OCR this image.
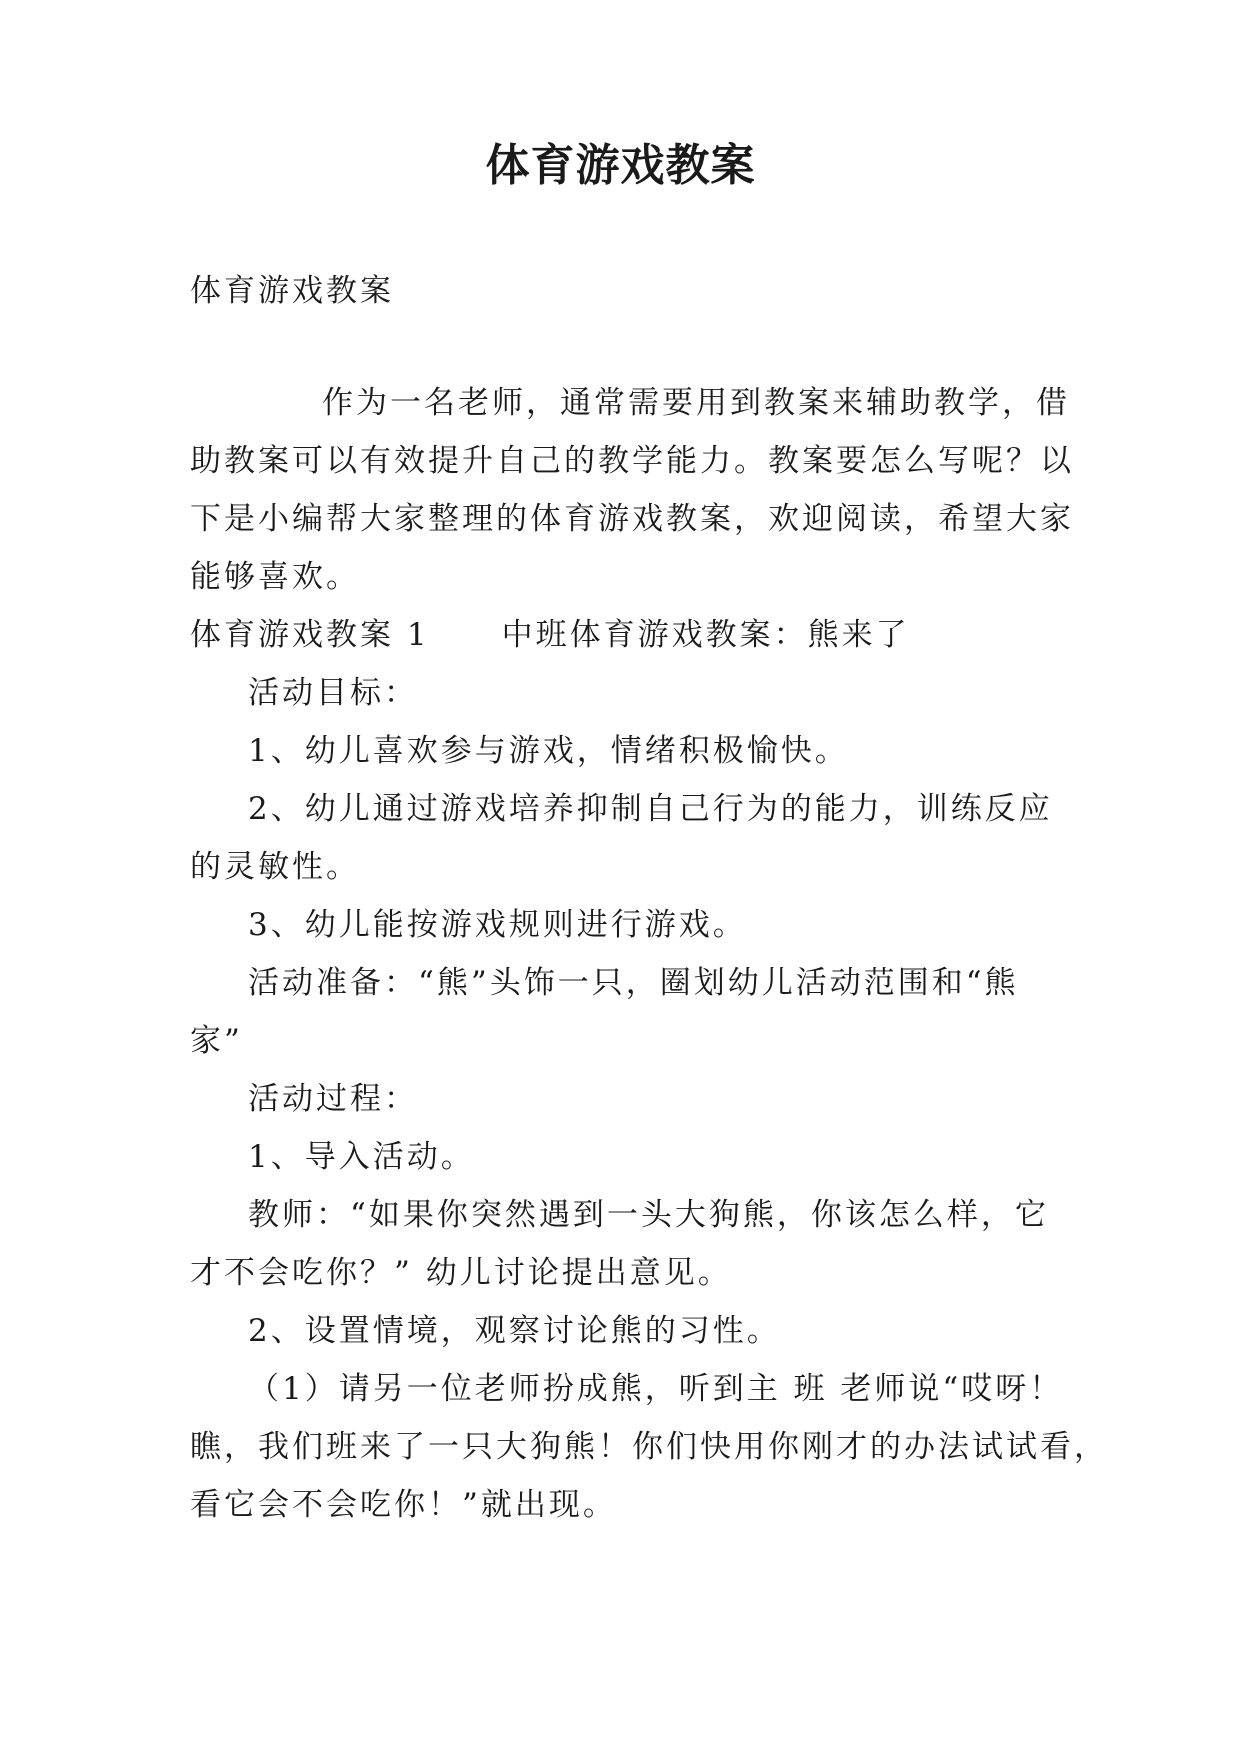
体育游戏教案
体育游戏教案
作为一名老师，通常需要用到教案来辅助教学，借
助教案可以有效提升自己的教学能力。教案要怎么写呢？以
下是小编帮大家整理的体育游戏教案，欢迎阅读，希望大家
能够喜欢。
体育游戏教案 1 中班体育游戏教案：熊来了
活动目标：
1、幼儿喜欢参与游戏，情绪积极愉快。
2、幼儿通过游戏培养抑制自己行为的能力，训练反应
的灵敏性。
3、幼儿能按游戏规则进行游戏。
活动准备：“熊”头饰一只，圈划幼儿活动范围和“熊
家”
活动过程：
1、导入活动。
教师：“如果你突然遇到一头大狗熊，你该怎么样，它
才不会吃你？” 幼儿讨论提出意见。
2、设置情境，观察讨论熊的习性。
（1）请另一位老师扮成熊，听到主 班 老师说“哎呀！
瞧，我们班来了一只大狗熊！你们快用你刚才的办法试试看，
看它会不会吃你！”就出现。
